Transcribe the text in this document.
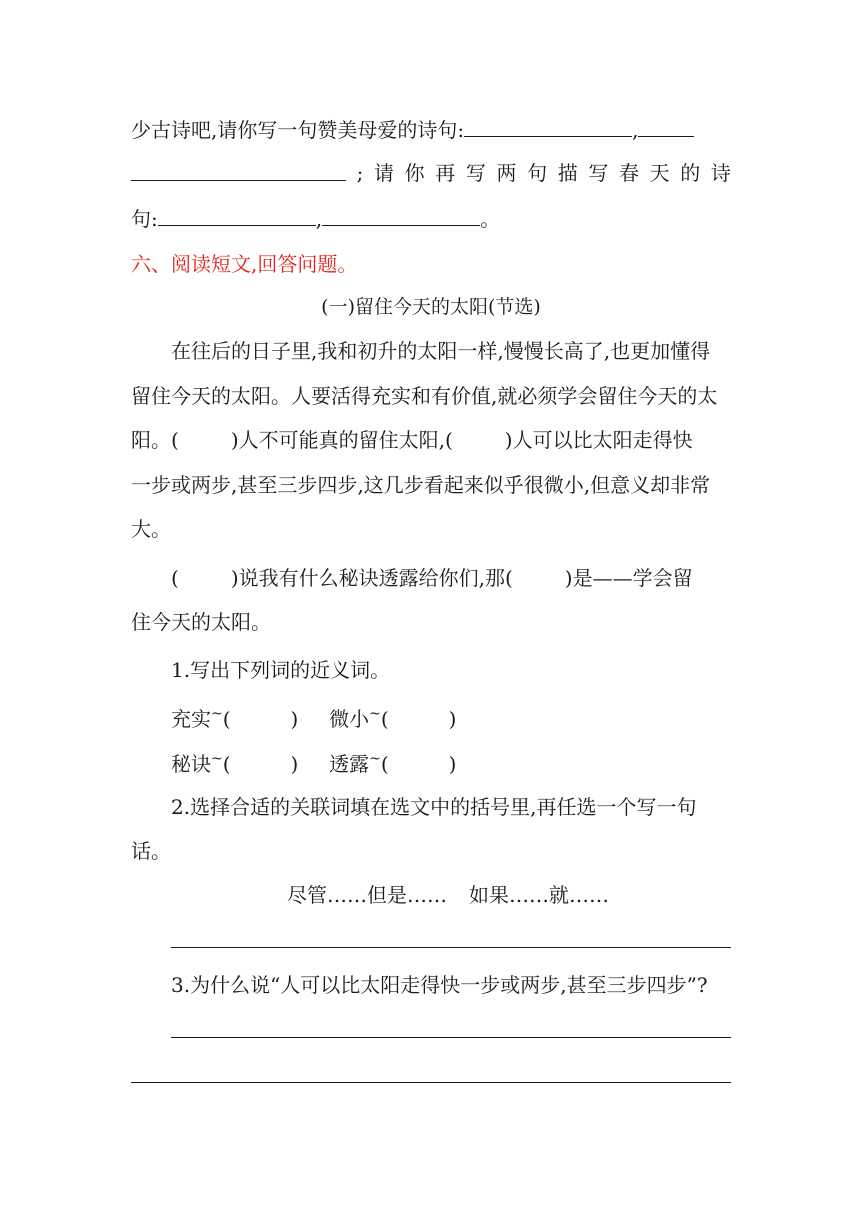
少古诗吧,请你写一句赞美母爱的诗句:	,
; 请 你 再 写 两 句 描 写 春 天 的 诗
句:	,	。
六、阅读短文,回答问题。
(一)留住今天的太阳(节选)
在往后的日子里,我和初升的太阳一样,慢慢长高了,也更加懂得
留住今天的太阳。人要活得充实和有价值,就必须学会留住今天的太
阳。(	)人不可能真的留住太阳,(	)人可以比太阳走得快
一步或两步,甚至三步四步,这几步看起来似乎很微小,但意义却非常
大。
(	)说我有什么秘诀透露给你们,那(	)是——学会留
住今天的太阳。
1.写出下列词的近义词。
充实~(	) 微小~(	)
秘诀~(	) 透露~(	)
2.选择合适的关联词填在选文中的括号里,再任选一个写一句
话。
尽管……但是…… 如果……就……
3.为什么说“人可以比太阳走得快一步或两步,甚至三步四步”?
